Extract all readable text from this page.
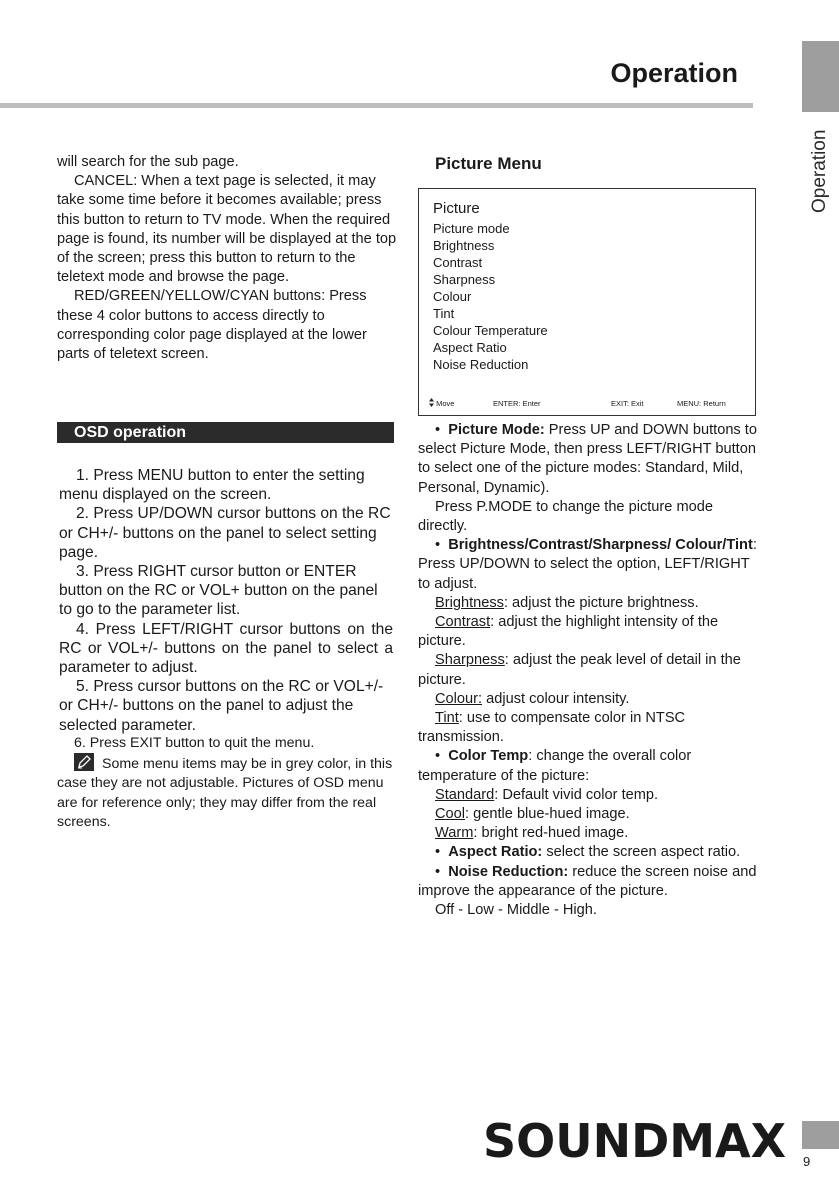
Operation
Operation

will search for the sub page.

CANCEL: When a text page is selected, it may take some time before it becomes available; press this button to return to TV mode. When the required page is found, its number will be displayed at the top of the screen; press this button to return to the teletext mode and browse the page.

RED/GREEN/YELLOW/CYAN buttons: Press these 4 color buttons to access directly to corresponding color page displayed at the lower parts of teletext screen.

OSD operation

1. Press MENU button to enter the setting menu displayed on the screen.

2. Press UP/DOWN cursor buttons on the RC or CH+/- buttons on the panel to select setting page.

3. Press RIGHT cursor button or ENTER button on the RC or VOL+ button on the panel to go to the parameter list.

4. Press LEFT/RIGHT cursor buttons on the RC or VOL+/- buttons on the panel to select a parameter to adjust.

5. Press cursor buttons on the RC or VOL+/-or CH+/- buttons on the panel to adjust the selected parameter.

6. Press EXIT button to quit the menu.

Some menu items may be in grey color, in this case they are not adjustable. Pictures of OSD menu are for reference only; they may differ from the real screens.

Picture Menu
Picture
Picture mode
Brightness
Contrast
Sharpness
Colour
Tint
Colour Temperature
Aspect Ratio
Noise Reduction
Move	ENTER: Enter	EXIT: Exit	MENU: Return

•  Picture Mode: Press UP and DOWN buttons to select Picture Mode, then press LEFT/RIGHT button to select one of the picture modes: Standard, Mild, Personal, Dynamic).

Press P.MODE to change the picture mode directly.

•  Brightness/Contrast/Sharpness/ Colour/Tint: Press UP/DOWN to select the option, LEFT/RIGHT to adjust.

Brightness: adjust the picture brightness.

Contrast: adjust the highlight intensity of the picture.

Sharpness: adjust the peak level of detail in the picture.

Colour: adjust colour intensity.

Tint: use to compensate color in NTSC transmission.

•  Color Temp: change the overall color temperature of the picture:

Standard: Default vivid color temp.

Cool: gentle blue-hued image.

Warm: bright red-hued image.

•  Aspect Ratio: select the screen aspect ratio.

•  Noise Reduction: reduce the screen noise and improve the appearance of the picture.

Off - Low - Middle - High.

SOUNDMAX 9
